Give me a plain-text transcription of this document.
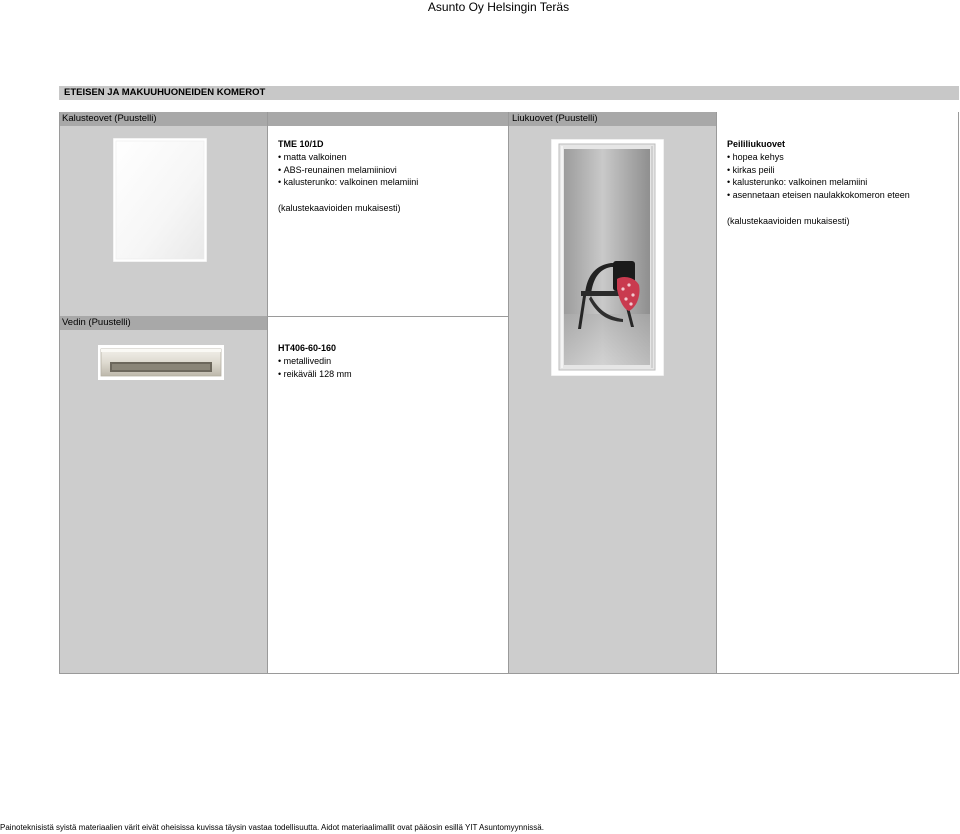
Asunto Oy Helsingin Teräs
ETEISEN JA MAKUUHUONEIDEN KOMEROT
Kalusteovet (Puustelli)	Liukuovet (Puustelli)
Vedin (Puustelli)
TME 10/1D
• matta valkoinen
• ABS-reunainen melamiiniovi
• kalusterunko: valkoinen melamiini
(kalustekaavioiden mukaisesti)
Peililiukuovet
• hopea kehys
• kirkas peili
• kalusterunko: valkoinen melamiini
• asennetaan eteisen naulakkokomeron eteen
(kalustekaavioiden mukaisesti)
HT406-60-160
• metallivedin
• reikäväli 128 mm
Painoteknisistä syistä materiaalien värit eivät oheisissa kuvissa täysin vastaa todellisuutta. Aidot materiaalimallit ovat pääosin esillä YIT Asuntomyynnissä.
